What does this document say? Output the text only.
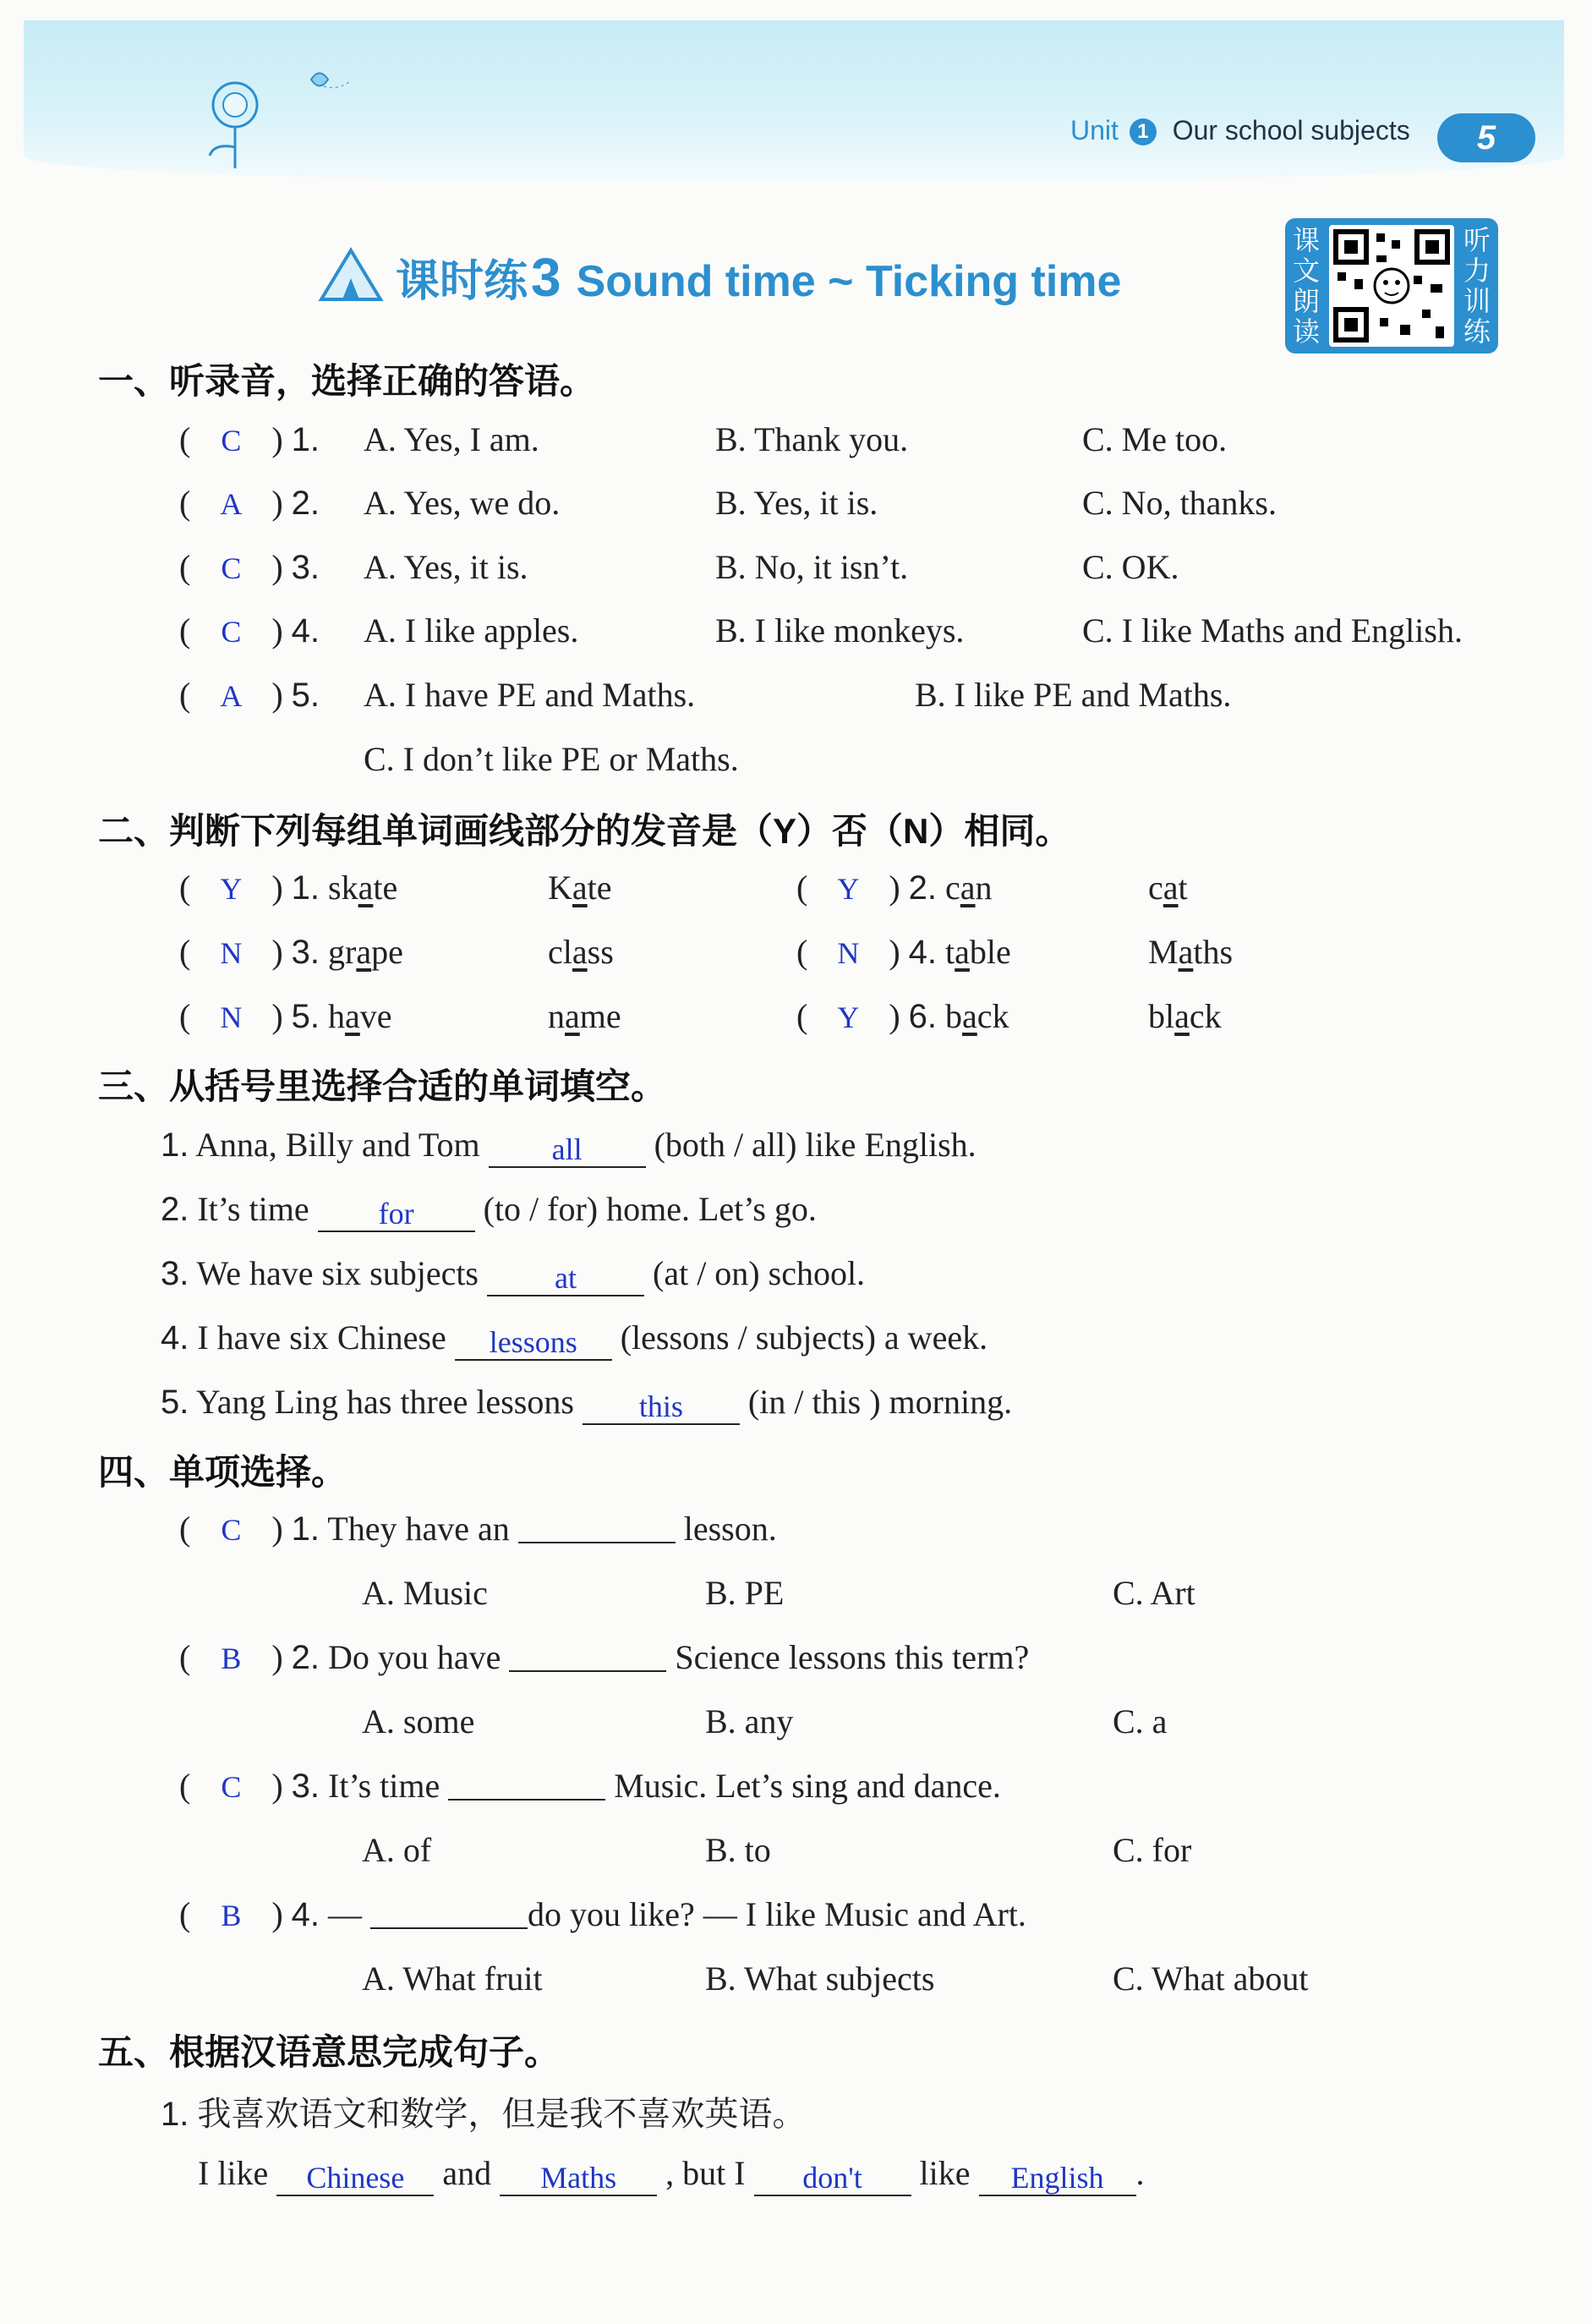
Unit 1 Our school subjects	5
课时练3 Sound time ~ Ticking time
课
文
朗
读
听
力
训
练
一、听录音，选择正确的答语。
( C ) 1. A. Yes, I am.	B. Thank you.	C. Me too.
( A ) 2. A. Yes, we do.	B. Yes, it is.	C. No, thanks.
( C ) 3. A. Yes, it is.	B. No, it isn’t.	C. OK.
( C ) 4. A. I like apples.	B. I like monkeys.	C. I like Maths and English.
( A ) 5. A. I have PE and Maths.	B. I like PE and Maths.
C. I don’t like PE or Maths.
二、判断下列每组单词画线部分的发音是（Y）否（N）相同。
( Y ) 1. skate	Kate	( Y ) 2. can	cat
( N ) 3. grape	class	( N ) 4. table	Maths
( N ) 5. have	name	( Y ) 6. back	black
三、从括号里选择合适的单词填空。
1. Anna, Billy and Tom all (both / all) like English.
2. It’s time for (to / for) home. Let’s go.
3. We have six subjects	at (at / on) school.
4. I have six Chinese lessons (lessons / subjects) a week.
5. Yang Ling has three lessons this (in / this ) morning.
四、单项选择。
( C ) 1. They have an	lesson.
A. Music	B. PE	C. Art
( B ) 2. Do you have	Science lessons this term?
A. some	B. any	C. a
( C ) 3. It’s time	Music. Let’s sing and dance.
A. of	B. to	C. for
( B ) 4. —	do you like? — I like Music and Art.
A. What fruit	B. What subjects	C. What about
五、根据汉语意思完成句子。
1. 我喜欢语文和数学，但是我不喜欢英语。
I like Chinese and Maths , but I don't like English .
